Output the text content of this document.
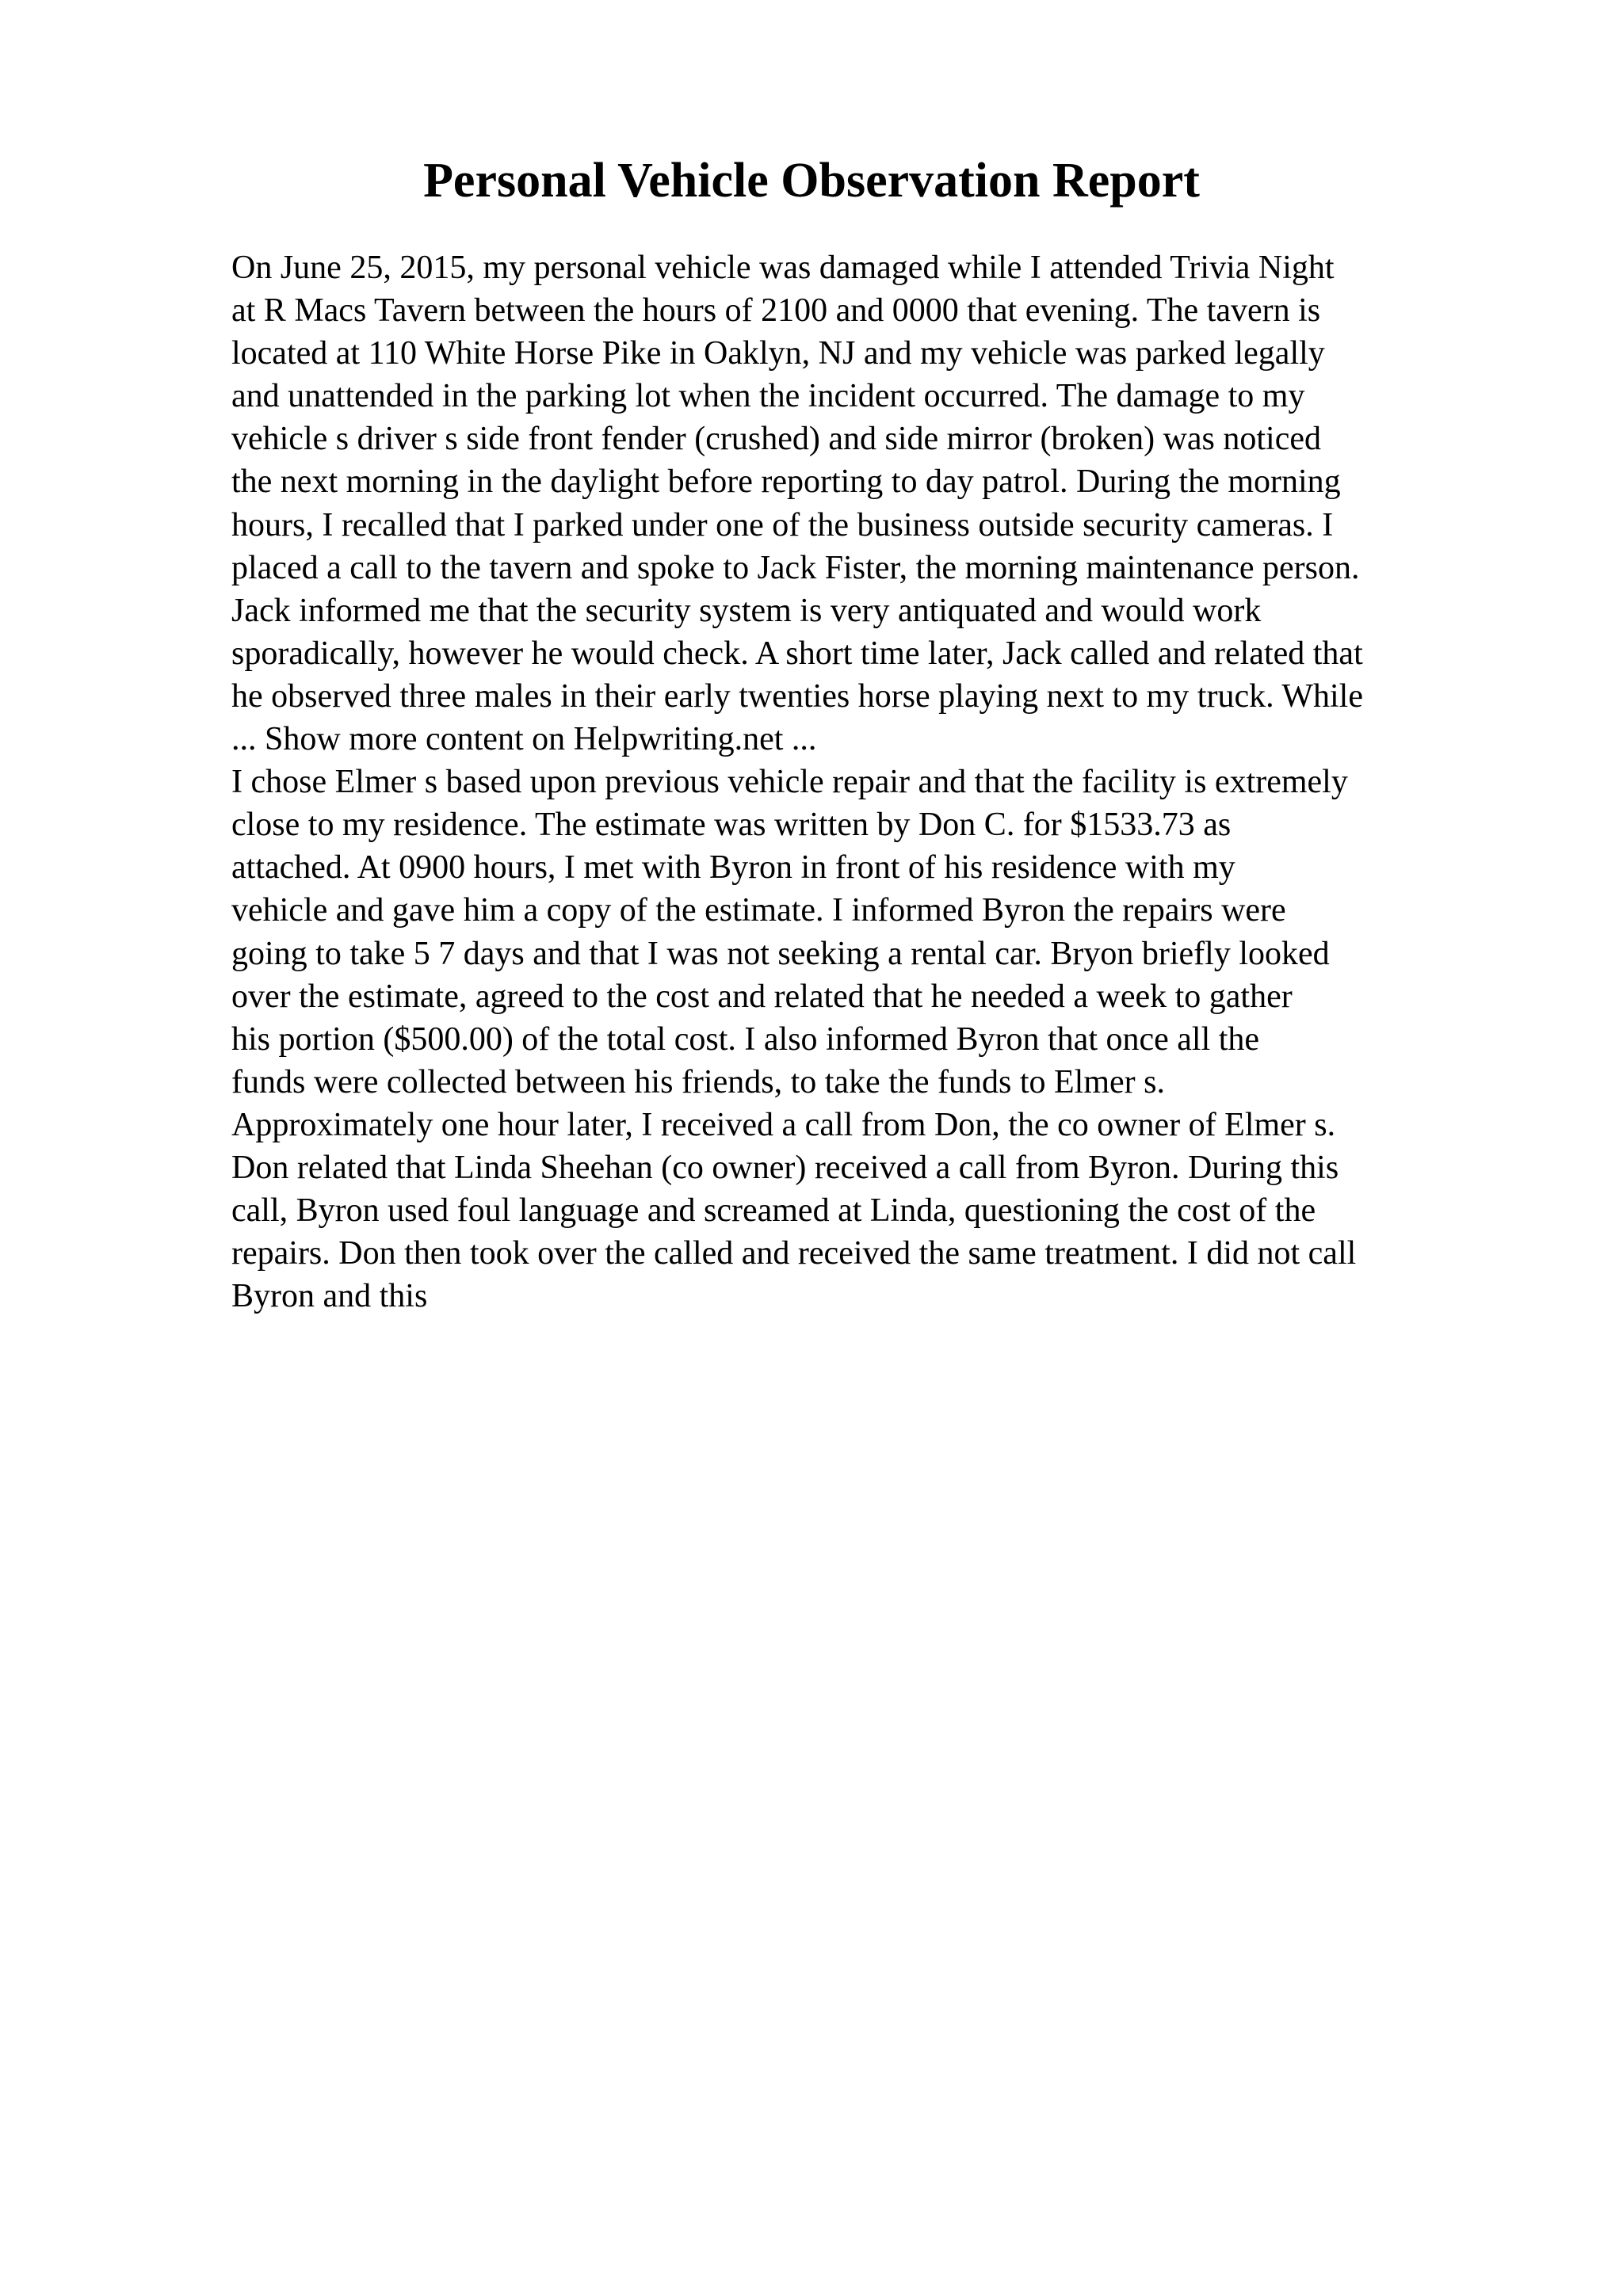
Personal Vehicle Observation Report
On June 25, 2015, my personal vehicle was damaged while I attended Trivia Night
at R Macs Tavern between the hours of 2100 and 0000 that evening. The tavern is
located at 110 White Horse Pike in Oaklyn, NJ and my vehicle was parked legally
and unattended in the parking lot when the incident occurred. The damage to my
vehicle s driver s side front fender (crushed) and side mirror (broken) was noticed
the next morning in the daylight before reporting to day patrol. During the morning
hours, I recalled that I parked under one of the business outside security cameras. I
placed a call to the tavern and spoke to Jack Fister, the morning maintenance person.
Jack informed me that the security system is very antiquated and would work
sporadically, however he would check. A short time later, Jack called and related that
he observed three males in their early twenties horse playing next to my truck. While
... Show more content on Helpwriting.net ...
I chose Elmer s based upon previous vehicle repair and that the facility is extremely
close to my residence. The estimate was written by Don C. for $1533.73 as
attached. At 0900 hours, I met with Byron in front of his residence with my
vehicle and gave him a copy of the estimate. I informed Byron the repairs were
going to take 5 7 days and that I was not seeking a rental car. Bryon briefly looked
over the estimate, agreed to the cost and related that he needed a week to gather
his portion ($500.00) of the total cost. I also informed Byron that once all the
funds were collected between his friends, to take the funds to Elmer s.
Approximately one hour later, I received a call from Don, the co owner of Elmer s.
Don related that Linda Sheehan (co owner) received a call from Byron. During this
call, Byron used foul language and screamed at Linda, questioning the cost of the
repairs. Don then took over the called and received the same treatment. I did not call
Byron and this
